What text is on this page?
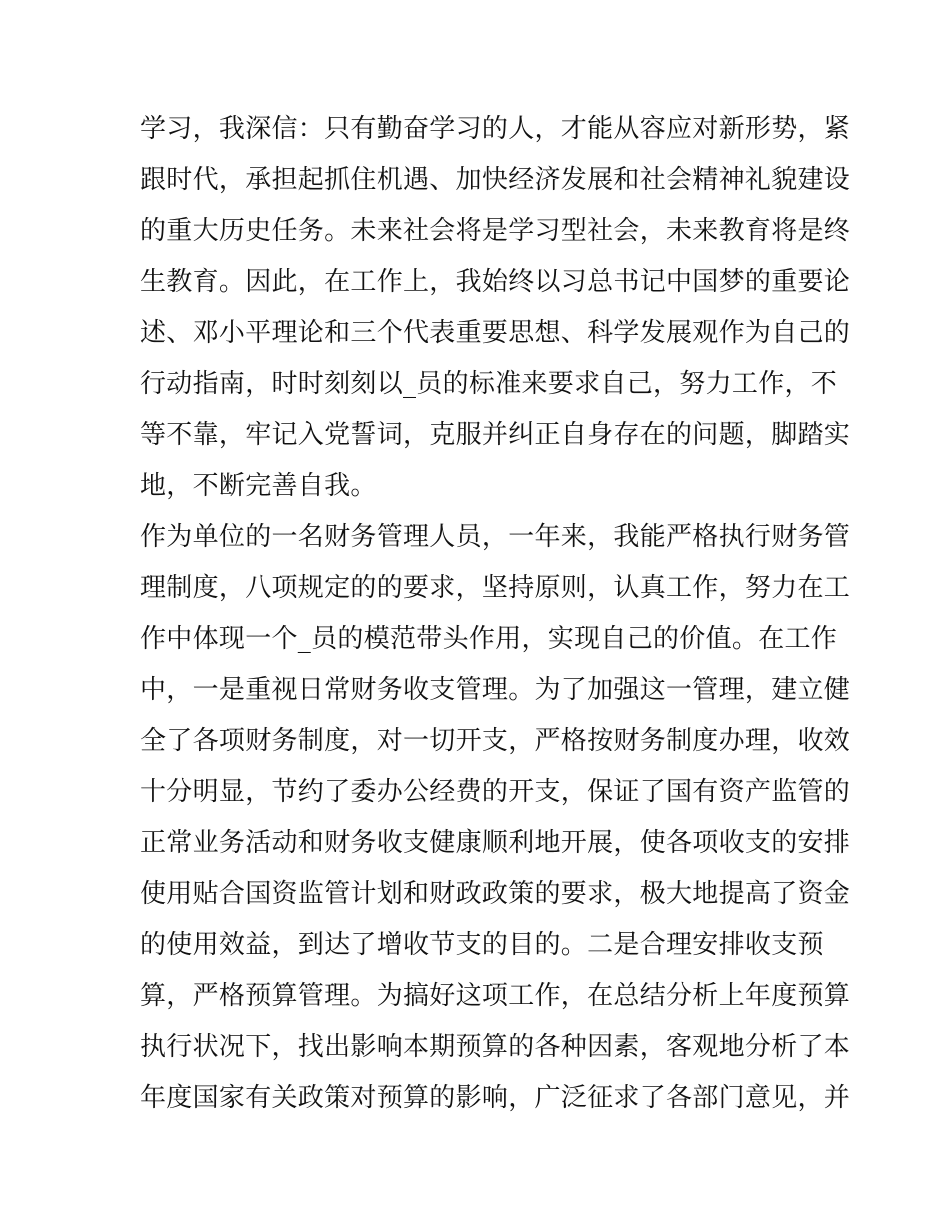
学习，我深信：只有勤奋学习的人，才能从容应对新形势，紧
跟时代，承担起抓住机遇、加快经济发展和社会精神礼貌建设
的重大历史任务。未来社会将是学习型社会，未来教育将是终
生教育。因此，在工作上，我始终以习总书记中国梦的重要论
述、邓小平理论和三个代表重要思想、科学发展观作为自己的
行动指南，时时刻刻以_员的标准来要求自己，努力工作，不
等不靠，牢记入党誓词，克服并纠正自身存在的问题，脚踏实
地，不断完善自我。
作为单位的一名财务管理人员，一年来，我能严格执行财务管
理制度，八项规定的的要求，坚持原则，认真工作，努力在工
作中体现一个_员的模范带头作用，实现自己的价值。在工作
中，一是重视日常财务收支管理。为了加强这一管理，建立健
全了各项财务制度，对一切开支，严格按财务制度办理，收效
十分明显，节约了委办公经费的开支，保证了国有资产监管的
正常业务活动和财务收支健康顺利地开展，使各项收支的安排
使用贴合国资监管计划和财政政策的要求，极大地提高了资金
的使用效益，到达了增收节支的目的。二是合理安排收支预
算，严格预算管理。为搞好这项工作，在总结分析上年度预算
执行状况下，找出影响本期预算的各种因素，客观地分析了本
年度国家有关政策对预算的影响，广泛征求了各部门意见，并
